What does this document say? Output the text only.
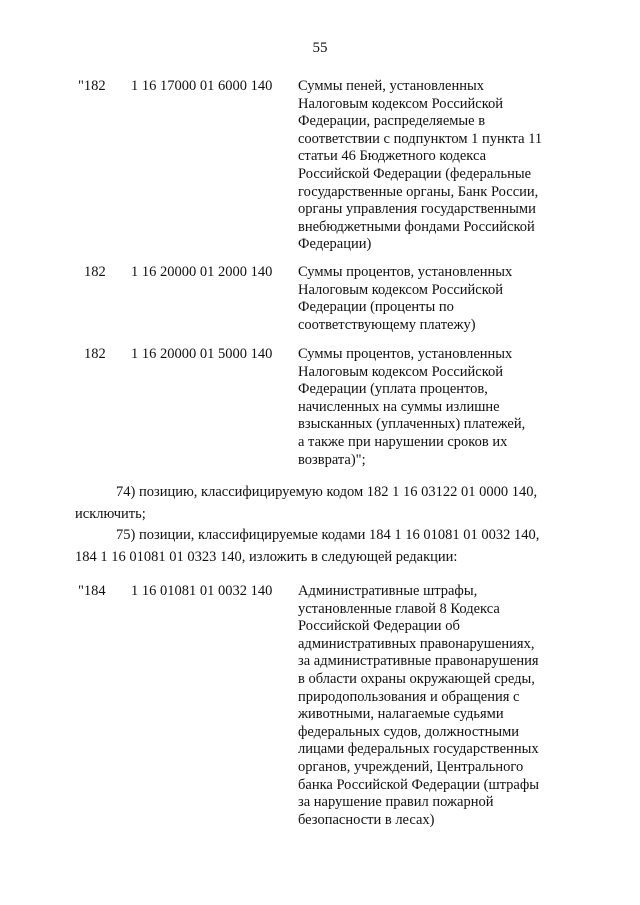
55
"182 1 16 17000 01 6000 140 Суммы пеней, установленных
Налоговым кодексом Российской
Федерации, распределяемые в
соответствии с подпунктом 1 пункта 11
статьи 46 Бюджетного кодекса
Российской Федерации (федеральные
государственные органы, Банк России,
органы управления государственными
внебюджетными фондами Российской
Федерации)
182 1 16 20000 01 2000 140 Суммы процентов, установленных
Налоговым кодексом Российской
Федерации (проценты по
соответствующему платежу)
182 1 16 20000 01 5000 140 Суммы процентов, установленных
Налоговым кодексом Российской
Федерации (уплата процентов,
начисленных на суммы излишне
взысканных (уплаченных) платежей,
а также при нарушении сроков их
возврата)";
74) позицию, классифицируемую кодом 182 1 16 03122 01 0000 140,
исключить;
75) позиции, классифицируемые кодами 184 1 16 01081 01 0032 140,
184 1 16 01081 01 0323 140, изложить в следующей редакции:
"184 1 16 01081 01 0032 140 Административные штрафы,
установленные главой 8 Кодекса
Российской Федерации об
административных правонарушениях,
за административные правонарушения
в области охраны окружающей среды,
природопользования и обращения с
животными, налагаемые судьями
федеральных судов, должностными
лицами федеральных государственных
органов, учреждений, Центрального
банка Российской Федерации (штрафы
за нарушение правил пожарной
безопасности в лесах)
